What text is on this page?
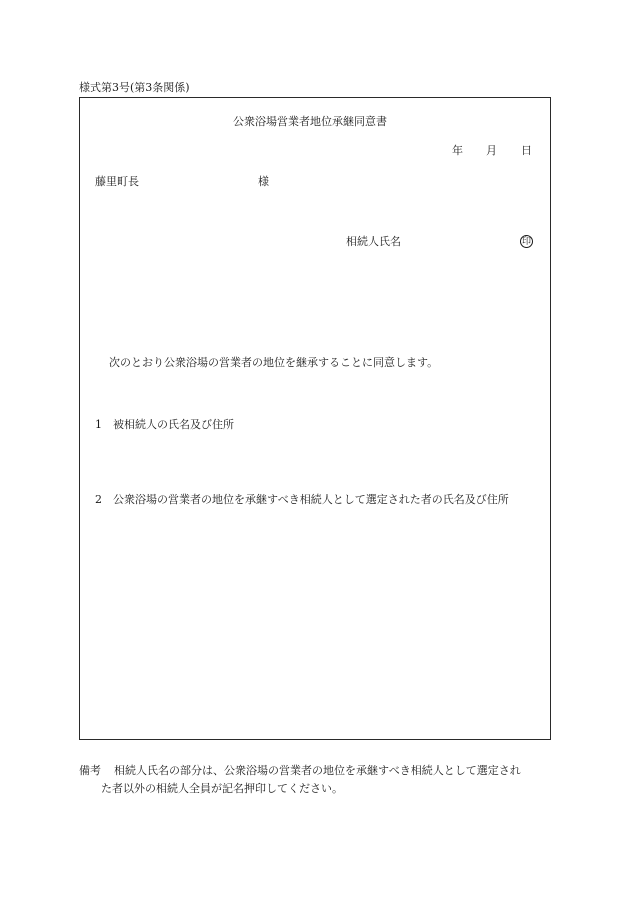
様式第3号(第3条関係)
公衆浴場営業者地位承継同意書
年 月 日
藤里町長	様
相続人氏名	印
次のとおり公衆浴場の営業者の地位を継承することに同意します。
1 被相続人の氏名及び住所
2 公衆浴場の営業者の地位を承継すべき相続人として選定された者の氏名及び住所
備考 相続人氏名の部分は、公衆浴場の営業者の地位を承継すべき相続人として選定され
た者以外の相続人全員が記名押印してください。
